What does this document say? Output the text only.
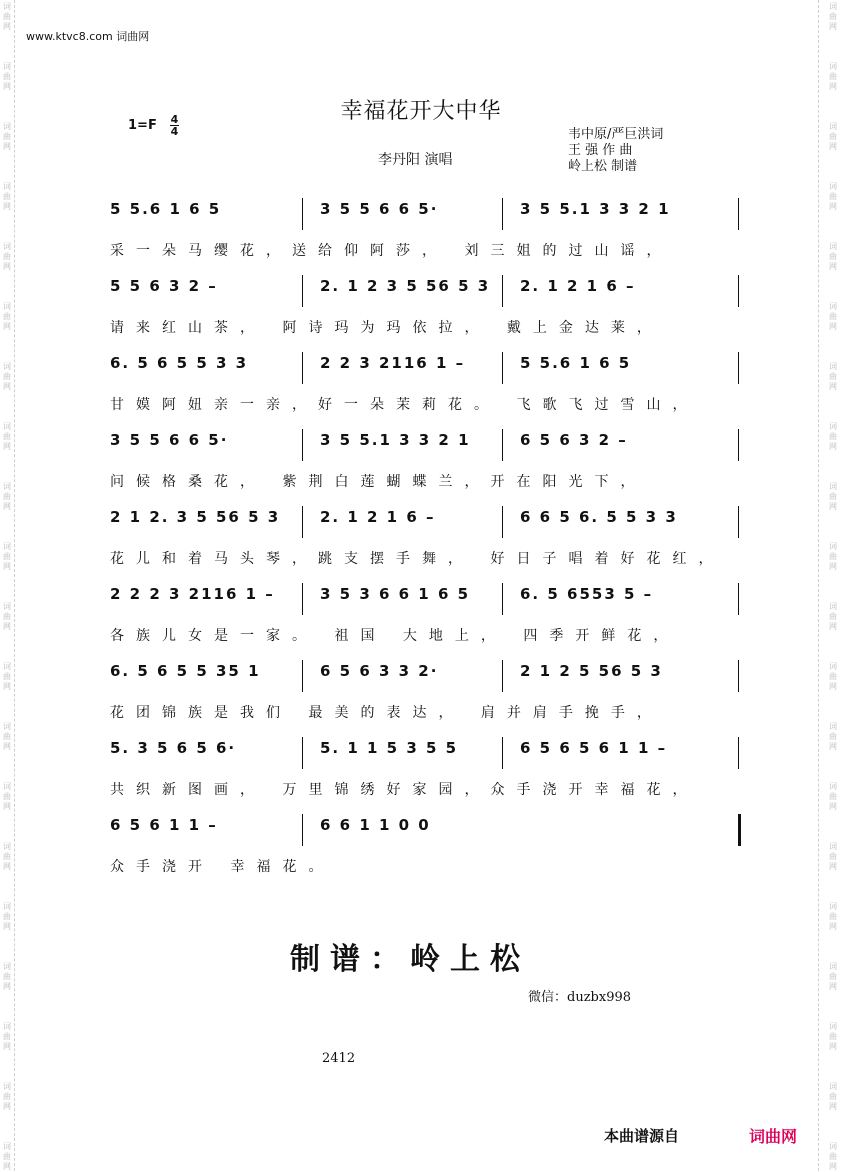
词
曲
网
词
曲
网
词
曲
网
词
曲
网
词
曲
网
词
曲
网
词
曲
网
词
曲
网
词
曲
网
词
曲
网
词
曲
网
词
曲
网
词
曲
网
词
曲
网
词
曲
网
词
曲
网
词
曲
网
词
曲
网
词
曲
网
词
曲
网
词
曲
网
词
曲
网
词
曲
网
词
曲
网
词
曲
网
词
曲
网
词
曲
网
词
曲
网
词
曲
网
词
曲
网
词
曲
网
词
曲
网
词
曲
网
词
曲
网
词
曲
网
词
曲
网
词
曲
网
词
曲
网
词
曲
网
词
曲
网
www.ktvc8.com 词曲网
幸福花开大中华
1=F 4
4
李丹阳 演唱
韦中原/严巨洪词
王 强 作 曲
岭上松 制谱
5 5.6 1 6 5	3 5 5 6 6 5·	3 5 5.1 3 3 2 1
采一朵马缨花，送给仰阿莎， 刘三姐的过山谣，
5 5 6 3 2 –	2. 1 2 3 5 56 5 3 2. 1 2 1 6 –
请来红山茶， 阿诗玛为玛依拉， 戴上金达莱，
6. 5 6 5 5 3 3	2 2 3 2116 1 –	5 5.6 1 6 5
甘嫫阿妞亲一亲，好一朵茉莉花。 飞歌飞过雪山，
3 5 5 6 6 5·	3 5 5.1 3 3 2 1	6 5 6 3 2 –
问候格桑花， 紫荆白莲蝴蝶兰，开在阳光下，
2 1 2. 3 5 56 5 3	2. 1 2 1 6 –	6 6 5 6. 5 5 3 3
花儿和着马头琴，跳支摆手舞， 好日子唱着好花红，
2 2 2 3 2116 1 –	3 5 3 6 6 1 6 5	6. 5 6553 5 –
各族儿女是一家。 祖国 大地上， 四季开鲜花，
6. 5 6 5 5 35 1	6 5 6 3 3 2·	2 1 2 5 56 5 3
花团锦族是我们 最美的表达， 肩并肩手挽手，
5. 3 5 6 5 6·	5. 1 1 5 3 5 5	6 5 6 5 6 1 1 –
共织新图画， 万里锦绣好家园，众手浇开幸福花，
6 5 6 1 1 –	6 6 1 1 0 0
众手浇开 幸福花。
制谱：岭上松
微信：duzbx998
2412
本曲谱源自	词曲网
